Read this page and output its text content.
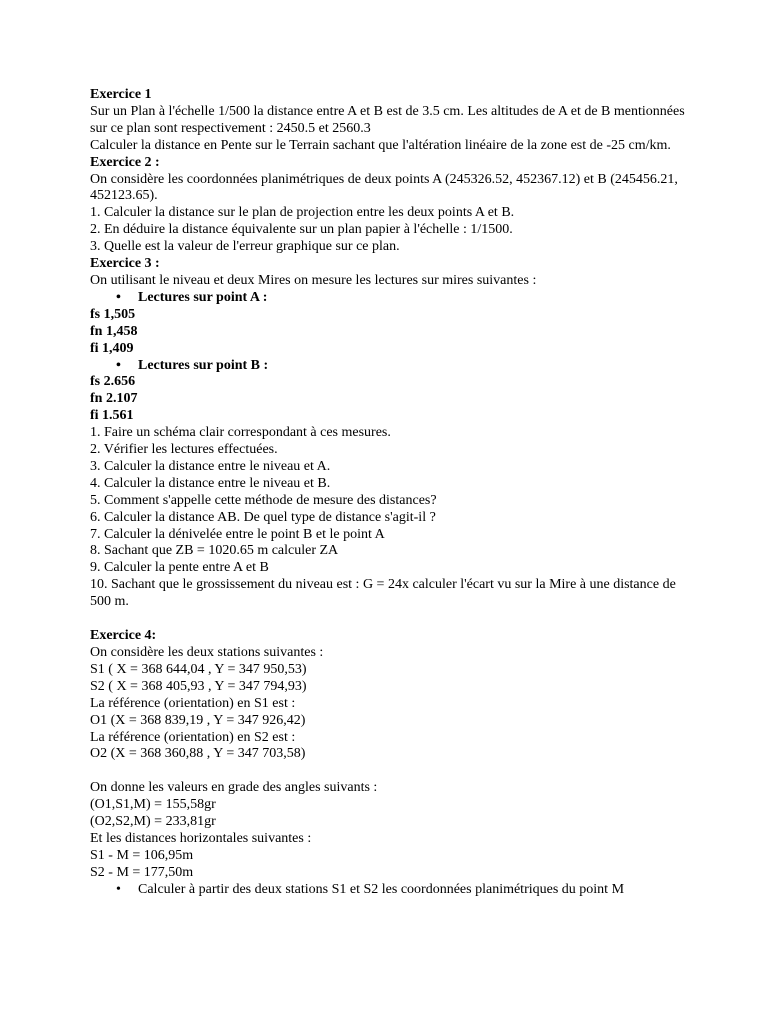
Exercice 1
Sur un Plan à l'échelle 1/500 la distance entre A et B est de 3.5 cm. Les altitudes de A et de B mentionnées sur ce plan sont respectivement : 2450.5 et 2560.3
Calculer la distance en Pente sur le Terrain sachant que l'altération linéaire de la zone est de -25 cm/km.
Exercice 2 :
On considère les coordonnées planimétriques de deux points A (245326.52, 452367.12) et B (245456.21, 452123.65).
1. Calculer la distance sur le plan de projection entre les deux points A et B.
2. En déduire la distance équivalente sur un plan papier à l'échelle : 1/1500.
3. Quelle est la valeur de l'erreur graphique sur ce plan.
Exercice 3 :
On utilisant le niveau et deux Mires on mesure les lectures sur mires suivantes :
• Lectures sur point A :
fs 1,505
fn 1,458
fi 1,409
• Lectures sur point B :
fs 2.656
fn 2.107
fi 1.561
1. Faire un schéma clair correspondant à ces mesures.
2. Vérifier les lectures effectuées.
3. Calculer la distance entre le niveau et A.
4. Calculer la distance entre le niveau et B.
5. Comment s'appelle cette méthode de mesure des distances?
6. Calculer la distance AB. De quel type de distance s'agit-il ?
7. Calculer la dénivelée entre le point B et le point A
8. Sachant que ZB = 1020.65 m calculer ZA
9. Calculer la pente entre A et B
10. Sachant que le grossissement du niveau est : G = 24x calculer l'écart vu sur la Mire à une distance de 500 m.
Exercice 4:
On considère les deux stations suivantes :
S1 ( X = 368 644,04 , Y = 347 950,53)
S2 ( X = 368 405,93 , Y = 347 794,93)
La référence (orientation) en S1 est :
O1 (X = 368 839,19 , Y = 347 926,42)
La référence (orientation) en S2 est :
O2 (X = 368 360,88 , Y = 347 703,58)
On donne les valeurs en grade des angles suivants :
(O1,S1,M) = 155,58gr
(O2,S2,M) = 233,81gr
Et les distances horizontales suivantes :
S1 - M = 106,95m
S2 - M = 177,50m
• Calculer à partir des deux stations S1 et S2 les coordonnées planimétriques du point M
